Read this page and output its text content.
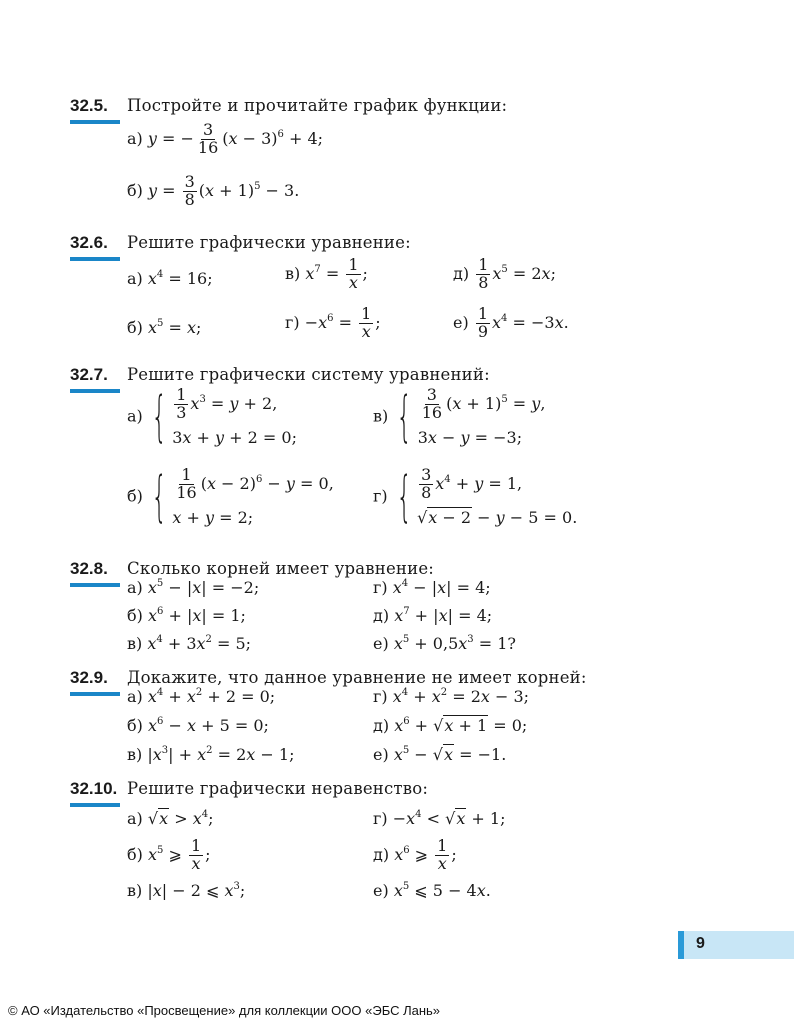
32.5. Постройте и прочитайте график функции:
а) y = − $\frac{3}{16} (x - 3)^6 + 4$;
б) $y = \frac{3}{8} (x + 1)^5 - 3$.
32.6. Решите графически уравнение:
а) $x^4 = 16$;	в) $x^7 = \frac{1}{x}$ ;	$д) \frac{1}{8} x^5 = 2x$;
б) $x^5 = x$;	$г) -x^6 = \frac{1}{x}$ ;	$е) \frac{1}{9} x^4 = -3x$.
32.7. Решите графически систему уравнений:
а) { $\frac{1}{3} x^3 = y + 2$,
3x + y + 2 = 0;
в) { $\frac{3}{16} (x + 1)^5 = y$,
3x − y = −3;
б) { $\frac{1}{16} (x - 2)^6 - y = 0$,
x + y = 2;
г) { $\frac{3}{8} x^4 + y = 1$,
√x − 2 − y − 5 = 0.
32.8. Сколько корней имеет уравнение:
а) $x^5 - |x| = -2$;	г) $x^4 - |x| = 4$;
б) $x^6 + |x| = 1$;	д) $x^7 + |x| = 4$;
в) $x^4 + 3x^2 = 5$;	е) $x^5 + 0,5x^3 = 1$?
32.9. Докажите, что данное уравнение не имеет корней:
а) $x^4 + x^2 + 2 = 0$;	г) $x^4 + x^2 = 2x - 3$;
б) $x^6 - x + 5 = 0$;	д) $x^6 + √x + 1 = 0$;
в) $|x^3| + x^2 = 2x - 1$;	е) $x^5 - √x = -1$.
32.10. Решите графически неравенство:
а) $√x > x^4$;	$г) -x^4 < √x + 1$;
б) $x^5$ ⩾ $\frac{1}{x}$ ;	д) $x^6$ ⩾ $\frac{1}{x}$ ;
в) |x| − 2 ⩽ $x^3$;	е) $x^5$ ⩽ 5 − 4x.
9
© АО «Издательство «Просвещение» для коллекции ООО «ЭБС Лань»
